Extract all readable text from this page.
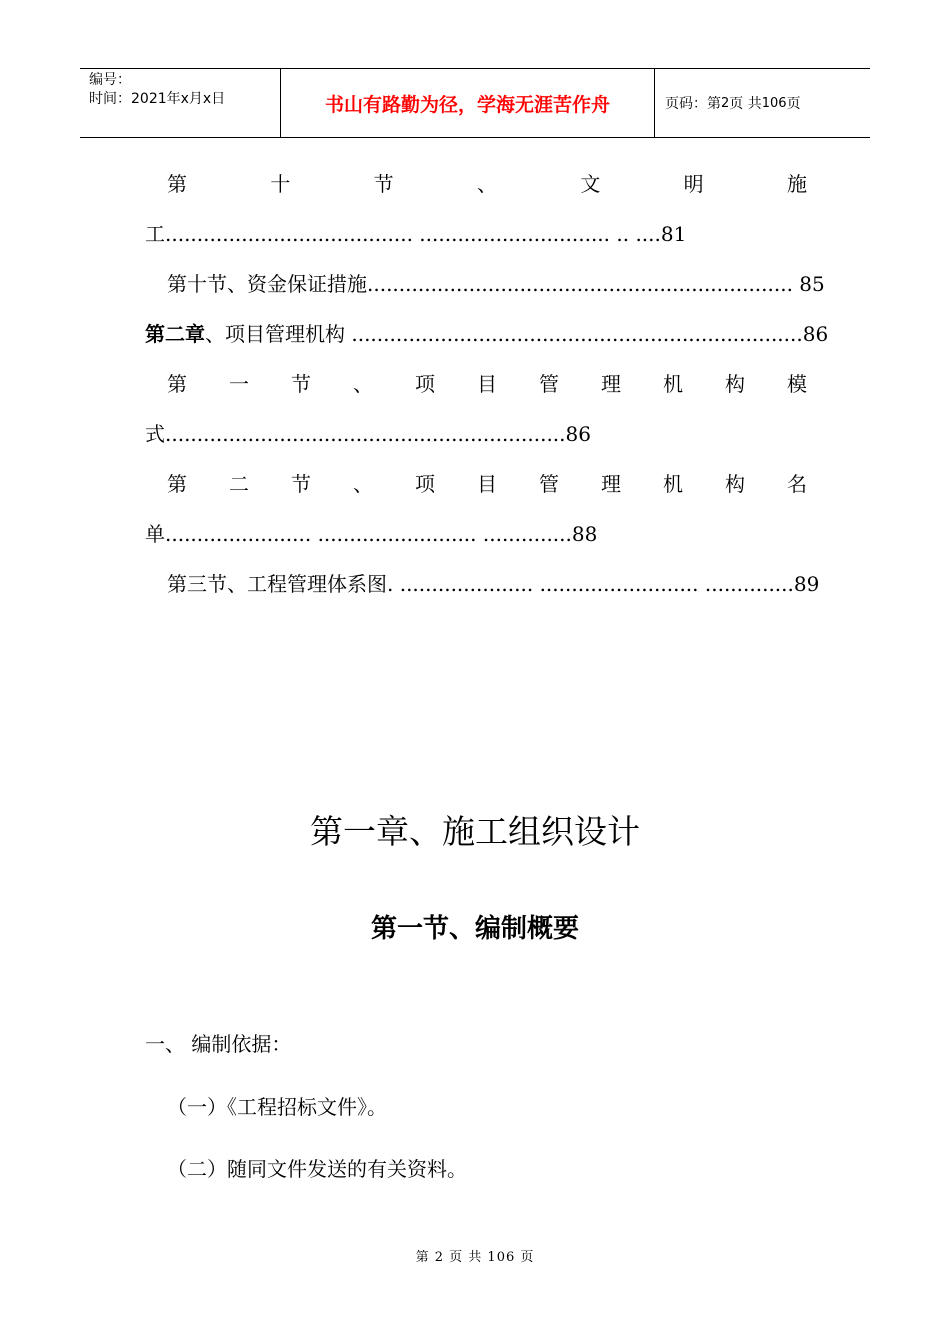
编号：
时间：2021年x月x日	书山有路勤为径，学海无涯苦作舟	页码：第 2 页 共 106 页
第	十	节	、	文	明	施
工....................................... .............................. .. ....81
第十节、资金保证措施................................................................... 85
第二章、项目管理机构 .......................................................................86
第 一 节 、 项 目 管 理 机 构 模
式...............................................................86
第 二 节 、 项 目 管 理 机 构 名
单....................... ......................... ..............88
第三节、工程管理体系图. ..................... ......................... ..............89
第一章、施工组织设计
第一节、编制概要
一、 编制依据：
（一）《工程招标文件》。
（二）随同文件发送的有关资料。
第 2 页 共 106 页
